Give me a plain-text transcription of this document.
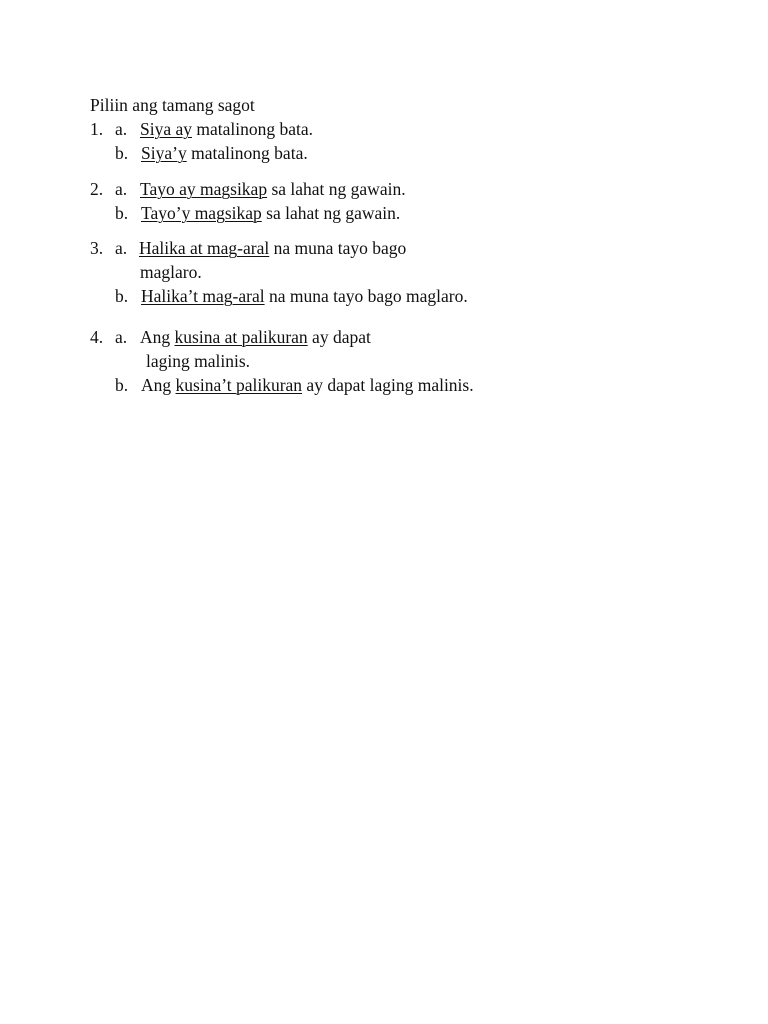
Piliin ang tamang sagot
1. a. Siya ay matalinong bata.
b. Siya’y matalinong bata.
2. a. Tayo ay magsikap sa lahat ng gawain.
b. Tayo’y magsikap sa lahat ng gawain.
3. a. Halika at mag-aral na muna tayo bago
maglaro.
b. Halika’t mag-aral na muna tayo bago maglaro.
4. a. Ang kusina at palikuran ay dapat
laging malinis.
b. Ang kusina’t palikuran ay dapat laging malinis.
